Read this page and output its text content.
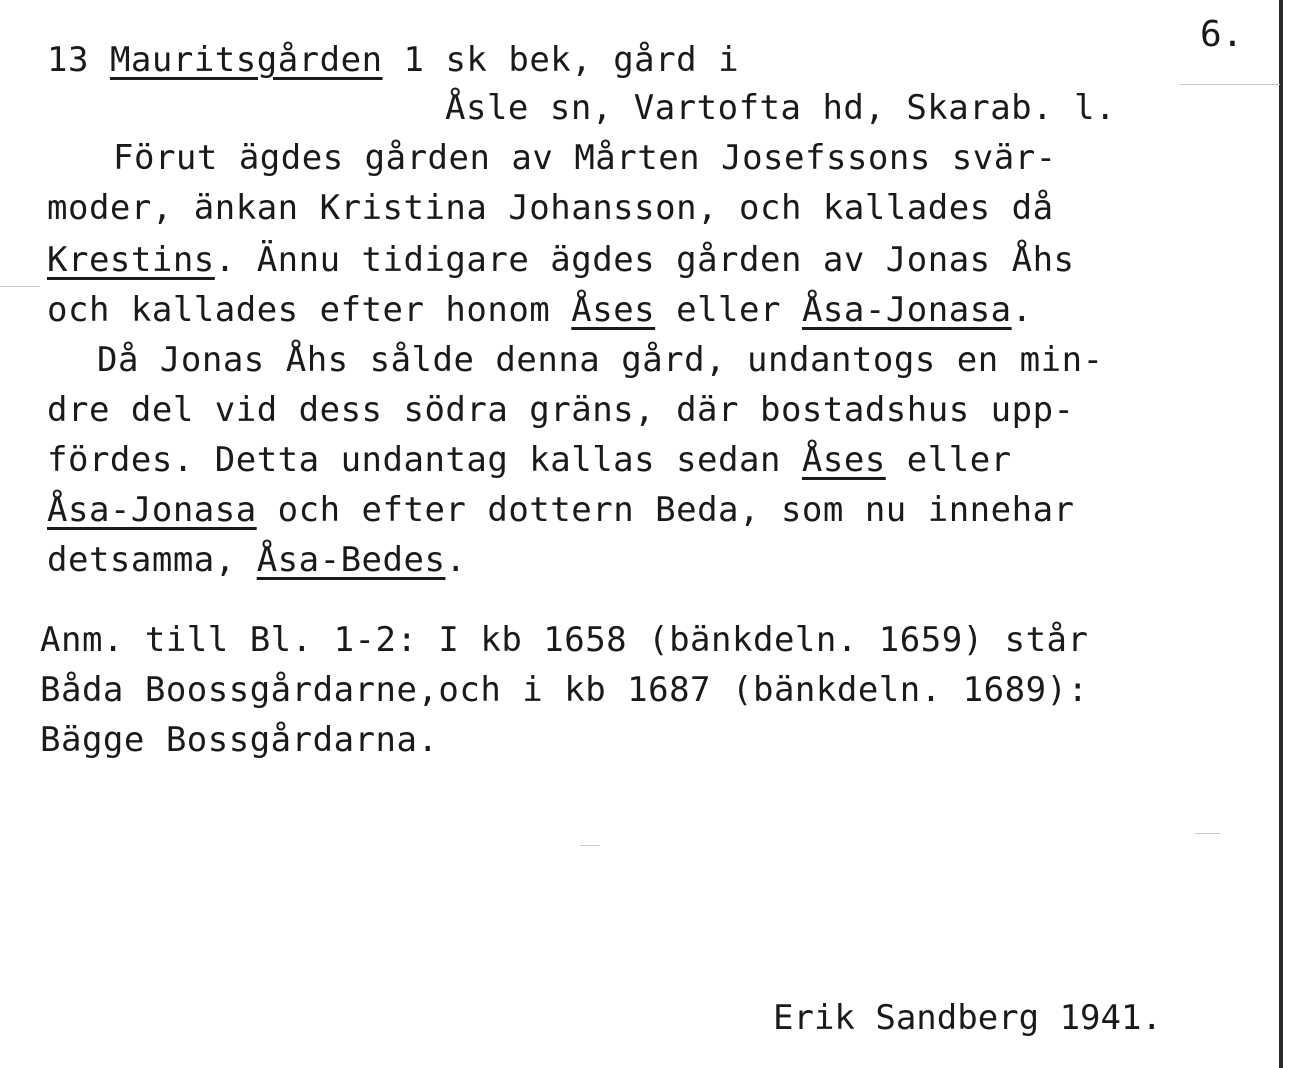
6.
13 Mauritsgården 1 sk bek, gård i
Åsle sn, Vartofta hd, Skarab. l.
Förut ägdes gården av Mårten Josefssons svär-
moder, änkan Kristina Johansson, och kallades då
Krestins. Ännu tidigare ägdes gården av Jonas Åhs
och kallades efter honom Åses eller Åsa-Jonasa.
Då Jonas Åhs sålde denna gård, undantogs en min-
dre del vid dess södra gräns, där bostadshus upp-
fördes. Detta undantag kallas sedan Åses eller
Åsa-Jonasa och efter dottern Beda, som nu innehar
detsamma, Åsa-Bedes.
Anm. till Bl. 1-2: I kb 1658 (bänkdeln. 1659) står
Båda Boossgårdarne,och i kb 1687 (bänkdeln. 1689):
Bägge Bossgårdarna.
Erik Sandberg 1941.
